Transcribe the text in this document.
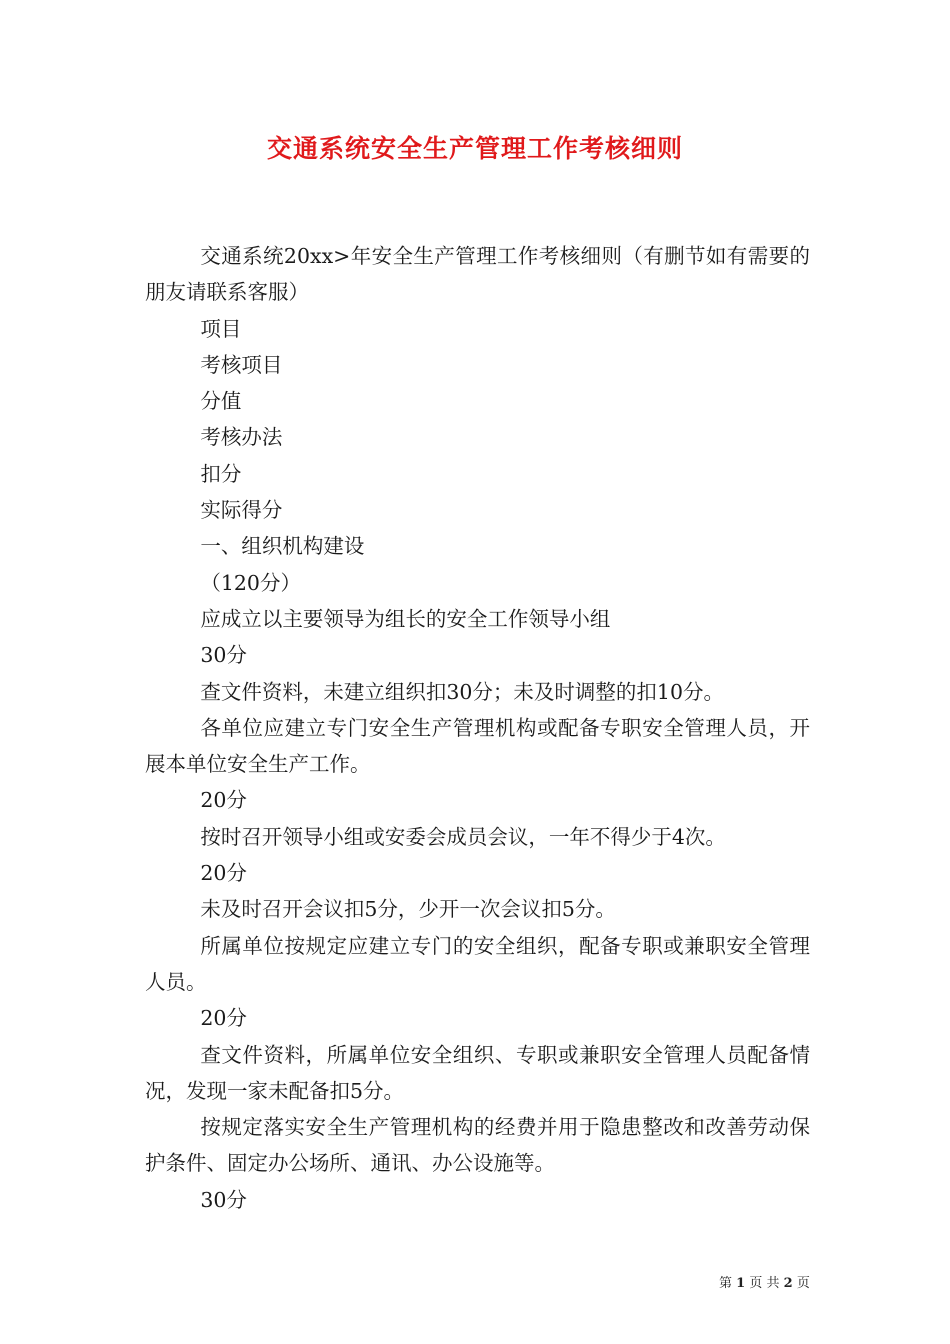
交通系统安全生产管理工作考核细则

交通系统20xx>年安全生产管理工作考核细则（有删节如有需要的朋友请联系客服）

项目

考核项目

分值

考核办法

扣分

实际得分

一、组织机构建设

（120分）

应成立以主要领导为组长的安全工作领导小组

30分

查文件资料，未建立组织扣30分；未及时调整的扣10分。

各单位应建立专门安全生产管理机构或配备专职安全管理人员，开展本单位安全生产工作。

20分

按时召开领导小组或安委会成员会议，一年不得少于4次。

20分

未及时召开会议扣5分，少开一次会议扣5分。

所属单位按规定应建立专门的安全组织，配备专职或兼职安全管理人员。

20分

查文件资料，所属单位安全组织、专职或兼职安全管理人员配备情况，发现一家未配备扣5分。

按规定落实安全生产管理机构的经费并用于隐患整改和改善劳动保护条件、固定办公场所、通讯、办公设施等。

30分

第 1 页 共 2 页
